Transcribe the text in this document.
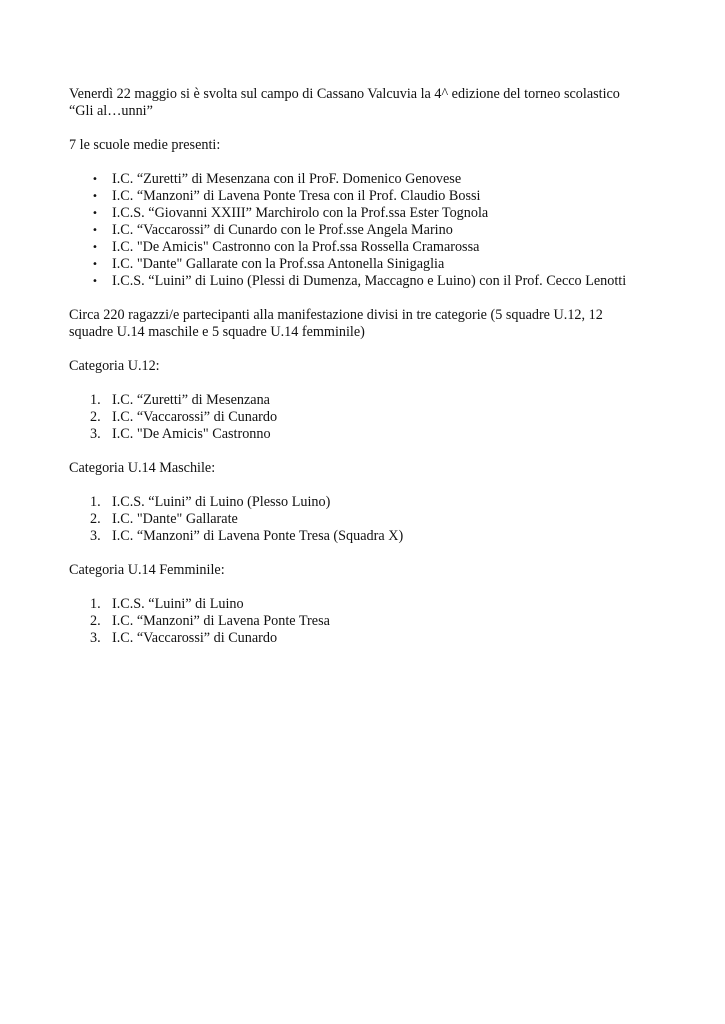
Venerdì 22 maggio si è svolta sul campo di Cassano Valcuvia la 4^ edizione del torneo scolastico
“Gli al…unni”

7 le scuole medie presenti:

• I.C. “Zuretti” di Mesenzana con il ProF. Domenico Genovese
• I.C. “Manzoni” di Lavena Ponte Tresa con il Prof. Claudio Bossi
• I.C.S. “Giovanni XXIII” Marchirolo con la Prof.ssa Ester Tognola
• I.C. “Vaccarossi” di Cunardo con le Prof.sse Angela Marino
• I.C. "De Amicis" Castronno con la Prof.ssa Rossella Cramarossa
• I.C. "Dante" Gallarate con la Prof.ssa Antonella Sinigaglia
• I.C.S. “Luini” di Luino (Plessi di Dumenza, Maccagno e Luino) con il Prof. Cecco Lenotti

Circa 220 ragazzi/e partecipanti alla manifestazione divisi in tre categorie (5 squadre U.12, 12
squadre U.14 maschile e 5 squadre U.14 femminile)

Categoria U.12:

1. I.C. “Zuretti” di Mesenzana
2. I.C. “Vaccarossi” di Cunardo
3. I.C. "De Amicis" Castronno

Categoria U.14 Maschile:

1. I.C.S. “Luini” di Luino (Plesso Luino)
2. I.C. "Dante" Gallarate
3. I.C. “Manzoni” di Lavena Ponte Tresa (Squadra X)

Categoria U.14 Femminile:

1. I.C.S. “Luini” di Luino
2. I.C. “Manzoni” di Lavena Ponte Tresa
3. I.C. “Vaccarossi” di Cunardo
